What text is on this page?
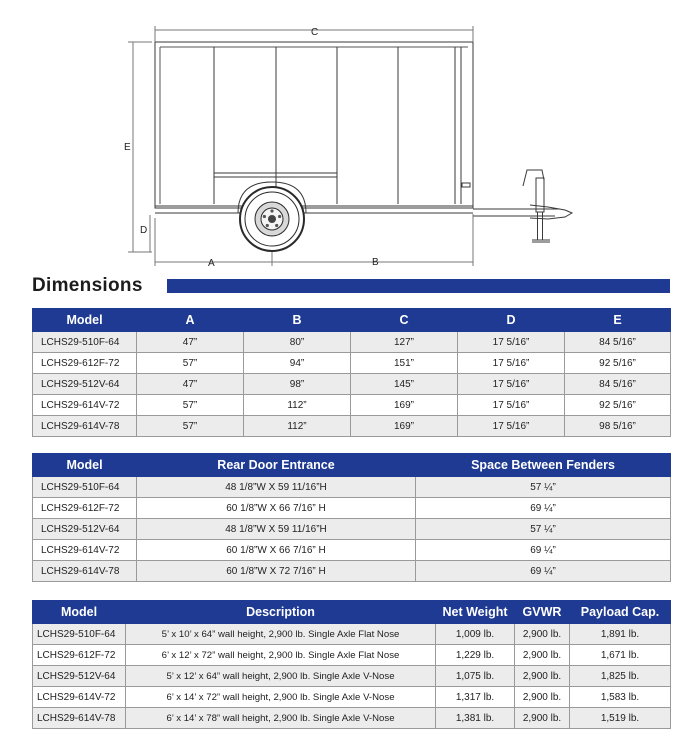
C
E
D
A	B
Dimensions
Model	A	B	C	D	E
LCHS29-510F-64	47”	80”	127”	17 5/16”	84 5/16”
LCHS29-612F-72	57”	94”	151”	17 5/16”	92 5/16”
LCHS29-512V-64	47”	98”	145”	17 5/16”	84 5/16”
LCHS29-614V-72	57”	112”	169”	17 5/16”	92 5/16”
LCHS29-614V-78	57”	112”	169”	17 5/16”	98 5/16”
Model	Rear Door Entrance	Space Between Fenders
LCHS29-510F-64	48 1/8”W X 59 11/16”H	57 ¼”
LCHS29-612F-72	60 1/8”W X 66 7/16” H	69 ¼”
LCHS29-512V-64	48 1/8”W X 59 11/16”H	57 ¼”
LCHS29-614V-72	60 1/8”W X 66 7/16” H	69 ¼”
LCHS29-614V-78	60 1/8”W X 72 7/16” H	69 ¼”
Model	Description	Net Weight	GVWR	Payload Cap.
LCHS29-510F-64	5’ x 10’ x 64” wall height, 2,900 lb. Single Axle Flat Nose	1,009 lb.	2,900 lb.	1,891 lb.
LCHS29-612F-72	6’ x 12’ x 72” wall height, 2,900 lb. Single Axle Flat Nose	1,229 lb.	2,900 lb.	1,671 lb.
LCHS29-512V-64	5’ x 12’ x 64” wall height, 2,900 lb. Single Axle V-Nose	1,075 lb.	2,900 lb.	1,825 lb.
LCHS29-614V-72	6’ x 14’ x 72” wall height, 2,900 lb. Single Axle V-Nose	1,317 lb.	2,900 lb.	1,583 lb.
LCHS29-614V-78	6’ x 14’ x 78” wall height, 2,900 lb. Single Axle V-Nose	1,381 lb.	2,900 lb.	1,519 lb.
